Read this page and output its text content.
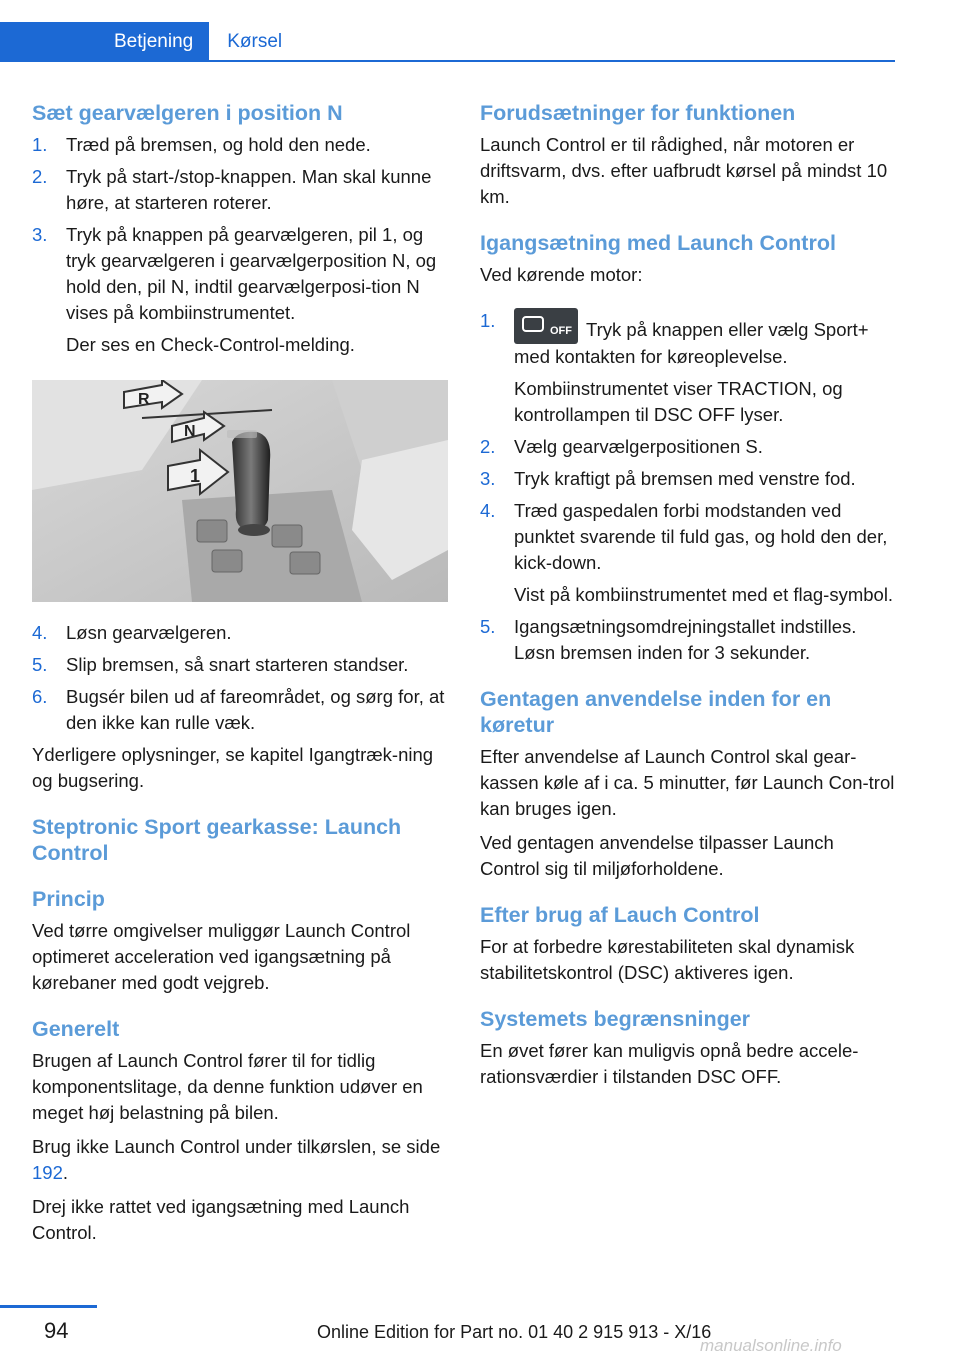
Betjening	Kørsel
Sæt gearvælgeren i position N
1. Træd på bremsen, og hold den nede.
2. Tryk på start-/stop-knappen. Man skal kunne høre, at starteren roterer.
3. Tryk på knappen på gearvælgeren, pil 1, og tryk gearvælgeren i gearvælgerposition N, og hold den, pil N, indtil gearvælgerposi-tion N vises på kombiinstrumentet.
Der ses en Check-Control-melding.
R
N
1
4. Løsn gearvælgeren.
5. Slip bremsen, så snart starteren standser.
6. Bugsér bilen ud af fareområdet, og sørg for, at den ikke kan rulle væk.

Yderligere oplysninger, se kapitel Igangtræk-ning og bugsering.

Steptronic Sport gearkasse: Launch Control
Princip

Ved tørre omgivelser muliggør Launch Control optimeret acceleration ved igangsætning på kørebaner med godt vejgreb.

Generelt

Brugen af Launch Control fører til for tidlig komponentslitage, da denne funktion udøver en meget høj belastning på bilen.

Brug ikke Launch Control under tilkørslen, se side 192.

Drej ikke rattet ved igangsætning med Launch Control.

Forudsætninger for funktionen

Launch Control er til rådighed, når motoren er driftsvarm, dvs. efter uafbrudt kørsel på mindst 10 km.

Igangsætning med Launch Control

Ved kørende motor:

1.	OFF Tryk på knappen eller vælg Sport+ med kontakten for køreoplevelse.
Kombiinstrumentet viser TRACTION, og kontrollampen til DSC OFF lyser.
2. Vælg gearvælgerpositionen S.
3. Tryk kraftigt på bremsen med venstre fod.
4. Træd gaspedalen forbi modstanden ved punktet svarende til fuld gas, og hold den der, kick-down.
Vist på kombiinstrumentet med et flag-symbol.
5. Igangsætningsomdrejningstallet indstilles. Løsn bremsen inden for 3 sekunder.
Gentagen anvendelse inden for en køretur

Efter anvendelse af Launch Control skal gear-kassen køle af i ca. 5 minutter, før Launch Con-trol kan bruges igen.

Ved gentagen anvendelse tilpasser Launch Control sig til miljøforholdene.

Efter brug af Lauch Control

For at forbedre kørestabiliteten skal dynamisk stabilitetskontrol (DSC) aktiveres igen.

Systemets begrænsninger

En øvet fører kan muligvis opnå bedre accele-rationsværdier i tilstanden DSC OFF.

94	Online Edition for Part no. 01 40 2 915 913 - X/16
manualsonline.info
